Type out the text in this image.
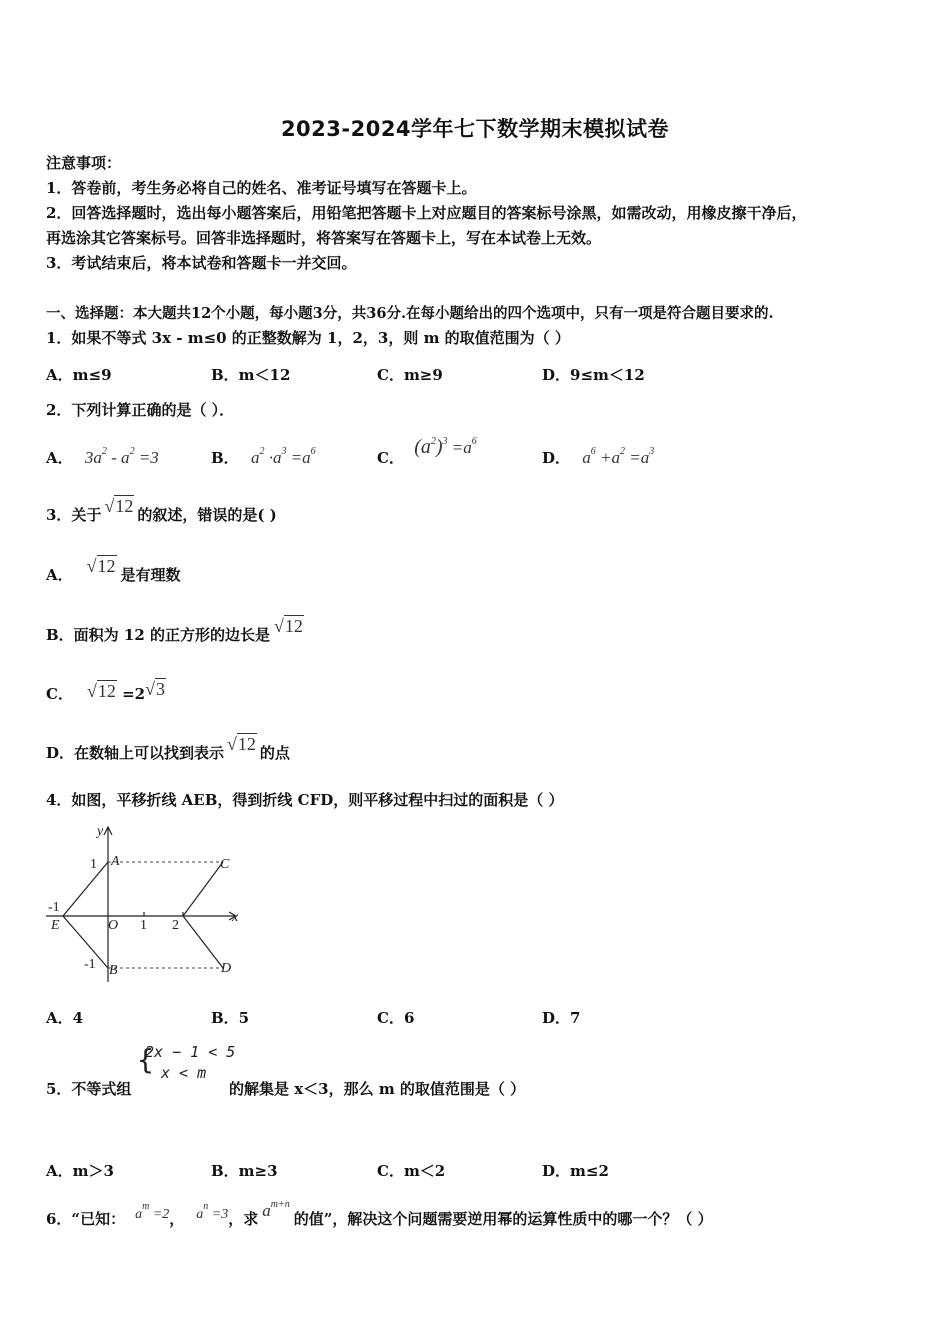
2023-2024学年七下数学期末模拟试卷
注意事项：
1．答卷前，考生务必将自己的姓名、准考证号填写在答题卡上。
2．回答选择题时，选出每小题答案后，用铅笔把答题卡上对应题目的答案标号涂黑，如需改动，用橡皮擦干净后，
再选涂其它答案标号。回答非选择题时，将答案写在答题卡上，写在本试卷上无效。
3．考试结束后，将本试卷和答题卡一并交回。
一、选择题：本大题共12个小题，每小题3分，共36分.在每小题给出的四个选项中，只有一项是符合题目要求的.
1．如果不等式 3x - m≤0 的正整数解为 1，2，3，则 m 的取值范围为（ ）
A．m≤9	B．m＜12	C．m≥9	D．9≤m＜12
2．下列计算正确的是（ ）．
A． $3a^2 - a^2 =3$	B． $a^2 \cdot a^3 =a^6$	C． $(a^2)^3 =a^6$
D． $a^6 +a^2 =a^3$
3．关于 √12 的叙述，错误的是( )
A． √12 是有理数
B．面积为 12 的正方形的边长是 √12
C． √12 =2√3
D．在数轴上可以找到表示 √12 的点
4．如图，平移折线 AEB，得到折线 CFD，则平移过程中扫过的面积是（ ）
y
x
1 A	C
-1
E	O 1 2
-1 B	D
A．4	B．5	C．6	D．7
5．不等式组
{
2x − 1 < 5
x < m
的解集是 x＜3，那么 m 的取值范围是（ ）
A．m＞3	B．m≥3	C．m＜2	D．m≤2
6．“已知： $a^m =2$， $a^n =3$，求 $a^{m+n}$的值”，解决这个问题需要逆用幂的运算性质中的哪一个？（ ）
